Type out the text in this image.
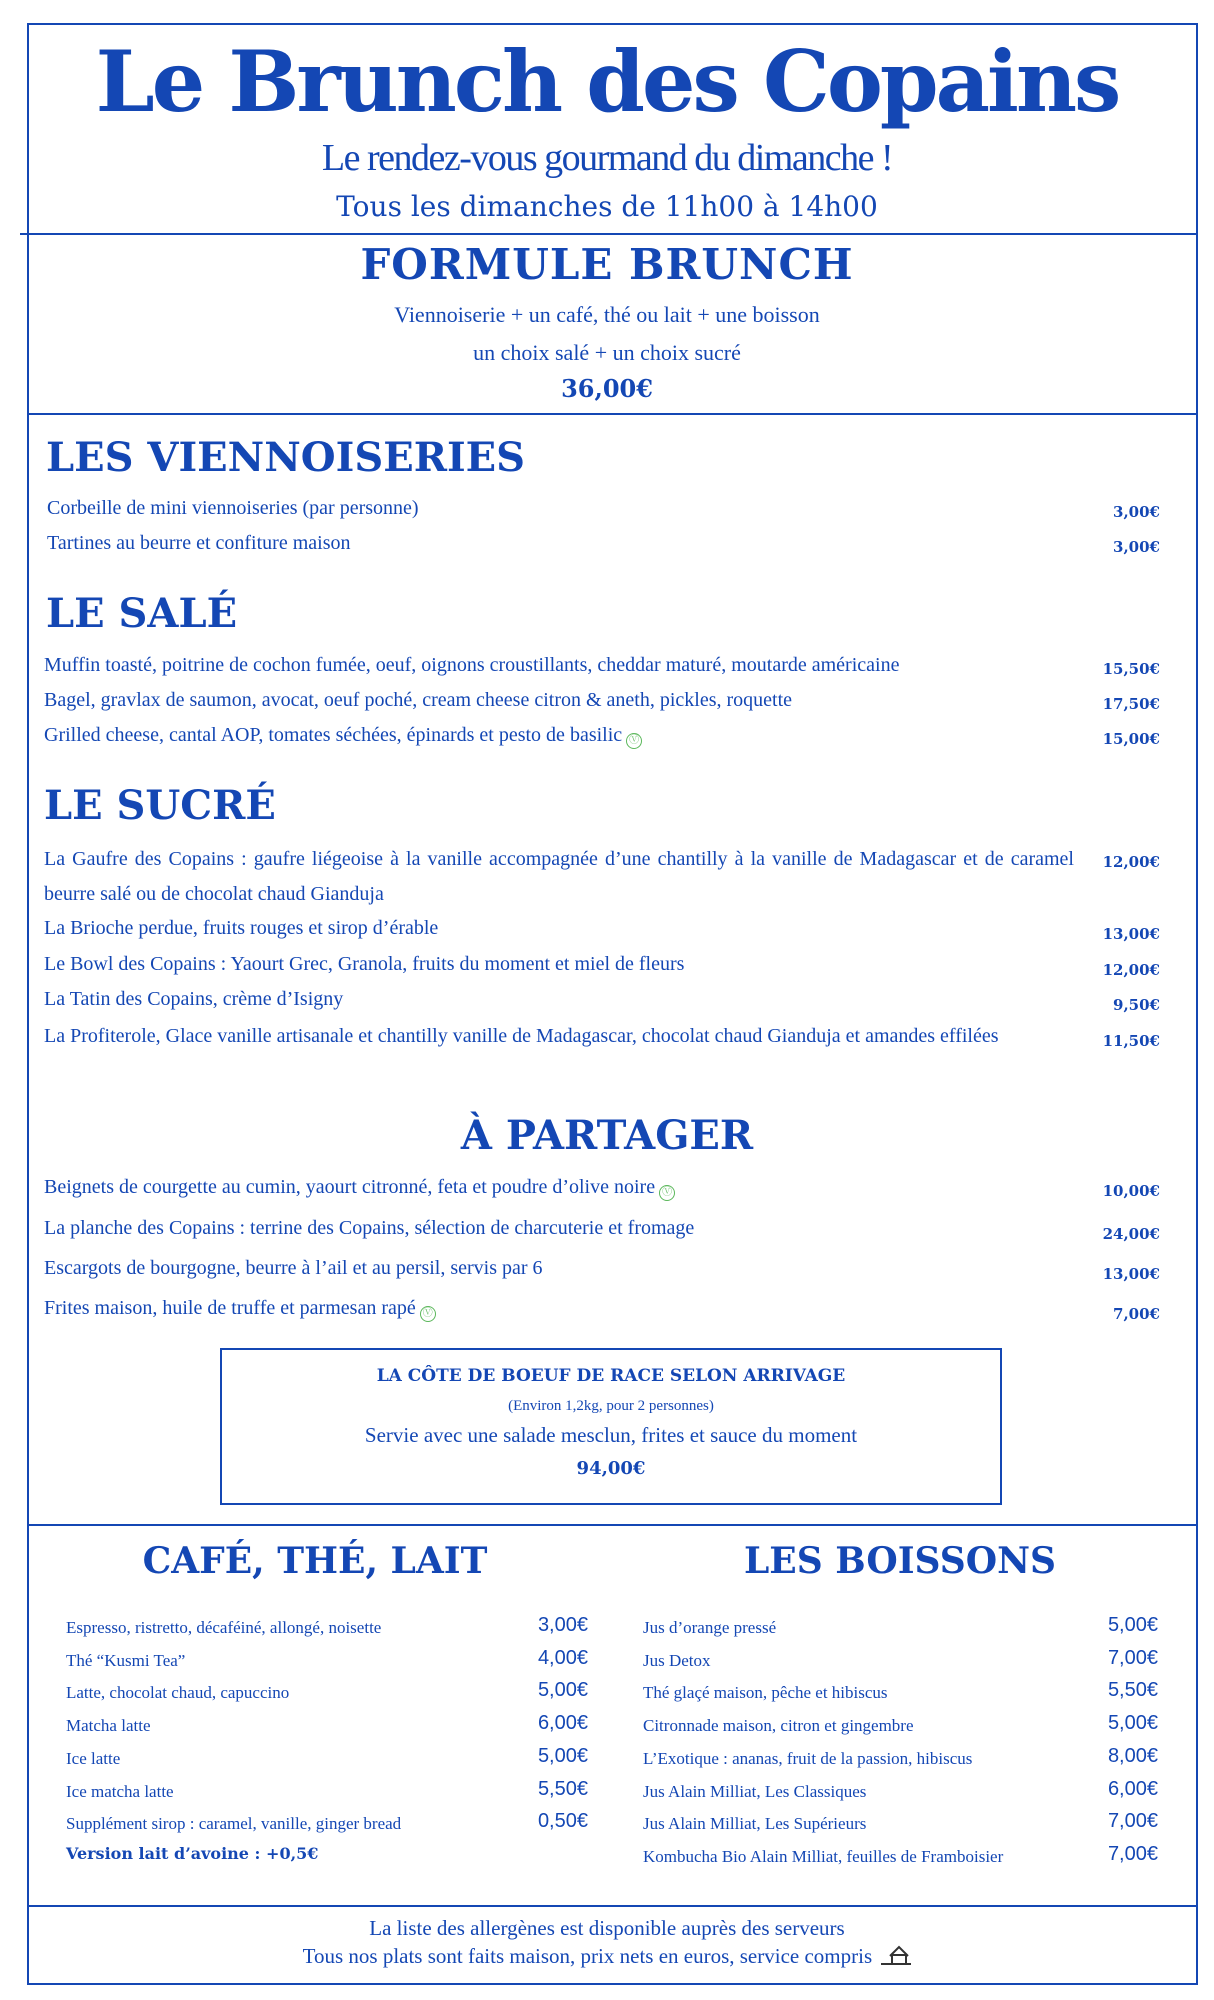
Le Brunch des Copains
Le rendez-vous gourmand du dimanche !
Tous les dimanches de 11h00 à 14h00
FORMULE BRUNCH
Viennoiserie + un café, thé ou lait + une boisson
un choix salé + un choix sucré
36,00€
LES VIENNOISERIES
Corbeille de mini viennoiseries (par personne)	3,00€
Tartines au beurre et confiture maison	3,00€
LE SALÉ
Muffin toasté, poitrine de cochon fumée, oeuf, oignons croustillants, cheddar maturé, moutarde américaine	15,50€
Bagel, gravlax de saumon, avocat, oeuf poché, cream cheese citron & aneth, pickles, roquette	17,50€
Grilled cheese, cantal AOP, tomates séchées, épinards et pesto de basilic Ⓥ	15,00€
LE SUCRÉ
La Gaufre des Copains : gaufre liégeoise à la vanille accompagnée d’une chantilly à la vanille de Madagascar et de caramel beurre salé ou de chocolat chaud Gianduja
12,00€
La Brioche perdue, fruits rouges et sirop d’érable	13,00€
Le Bowl des Copains : Yaourt Grec, Granola, fruits du moment et miel de fleurs	12,00€
La Tatin des Copains, crème d’Isigny	9,50€
La Profiterole, Glace vanille artisanale et chantilly vanille de Madagascar, chocolat chaud Gianduja et amandes effilées	11,50€
À PARTAGER
Beignets de courgette au cumin, yaourt citronné, feta et poudre d’olive noire Ⓥ	10,00€
La planche des Copains : terrine des Copains, sélection de charcuterie et fromage	24,00€
Escargots de bourgogne, beurre à l’ail et au persil, servis par 6	13,00€
Frites maison, huile de truffe et parmesan rapé Ⓥ	7,00€
LA CÔTE DE BOEUF DE RACE SELON ARRIVAGE
(Environ 1,2kg, pour 2 personnes)
Servie avec une salade mesclun, frites et sauce du moment
94,00€
CAFÉ, THÉ, LAIT	LES BOISSONS
Espresso, ristretto, décaféiné, allongé, noisette	3,00€
Thé “Kusmi Tea”	4,00€
Latte, chocolat chaud, capuccino	5,00€
Matcha latte	6,00€
Ice latte	5,00€
Ice matcha latte	5,50€
Supplément sirop : caramel, vanille, ginger bread	0,50€
Jus d’orange pressé	5,00€
Jus Detox	7,00€
Thé glaçé maison, pêche et hibiscus	5,50€
Citronnade maison, citron et gingembre	5,00€
L’Exotique : ananas, fruit de la passion, hibiscus	8,00€
Jus Alain Milliat, Les Classiques	6,00€
Jus Alain Milliat, Les Supérieurs	7,00€
Kombucha Bio Alain Milliat, feuilles de Framboisier	7,00€
Version lait d’avoine : +0,5€
La liste des allergènes est disponible auprès des serveurs
Tous nos plats sont faits maison, prix nets en euros, service compris
